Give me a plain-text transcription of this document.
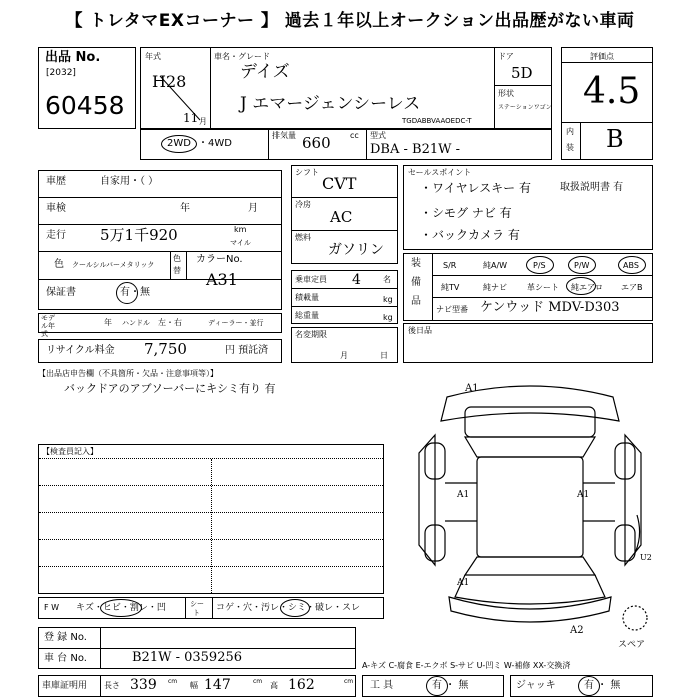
【 トレタマEXコーナー 】 過去１年以上オークション出品歴がない車両
出品 No.
[2032]
60458
年式
H28
11 月
車名・グレード
デイズ
J エマージェンシーレス
TGDABBVAAOEDC-T
ドア
5D
形状
ステーションワゴン
評価点
4.5
内
装 B
2WD ・4WD
排気量 660 cc 型式
DBA - B21W -
車歴	自家用・（ ）
車検	年	月
走行 5万1千920	km
マイル
色 クールシルバーメタリック
色
替
カラーNo.
A31
保証書	有・無
モデル年式
年 ハンドル 左・右	ディーラー・並行
リサイクル料金 7,750	円 預託済
シフト
CVT
冷房
AC
燃料
ガソリン
乗車定員 4	名
積載量	kg
総重量	kg
名変期限
月	日
セールスポイント
・ワイヤレスキー 有	取扱説明書 有
・シモグ ナビ 有
・バックカメラ 有
装
備
品
S/R	純A/W	P/S	P/W	ABS
純TV	純ナビ	革シート 純エアロ エアB
ナビ型番 ケンウッド MDV-D303
後日品
【出品店申告欄（不具箇所・欠品・注意事項等）】
バックドアのアブソーバーにキシミ有り 有
【検査員記入】
A1
A1	A1
A1
U2
A2
スペア
F W キズ・ヒビ・割レ・凹	シー
ト コゲ・穴・汚レ・シミ・破レ・スレ
登 録 No.
車 台 No.	B21W - 0359256
A-キズ C-腐食 E-エクボ S-サビ U-凹ミ W-補修 XX-交換済
車庫証明用 長さ 339 cm 幅 147	cm 高 162	cm 工 具	有 ・ 無	ジャッキ	有 ・ 無
